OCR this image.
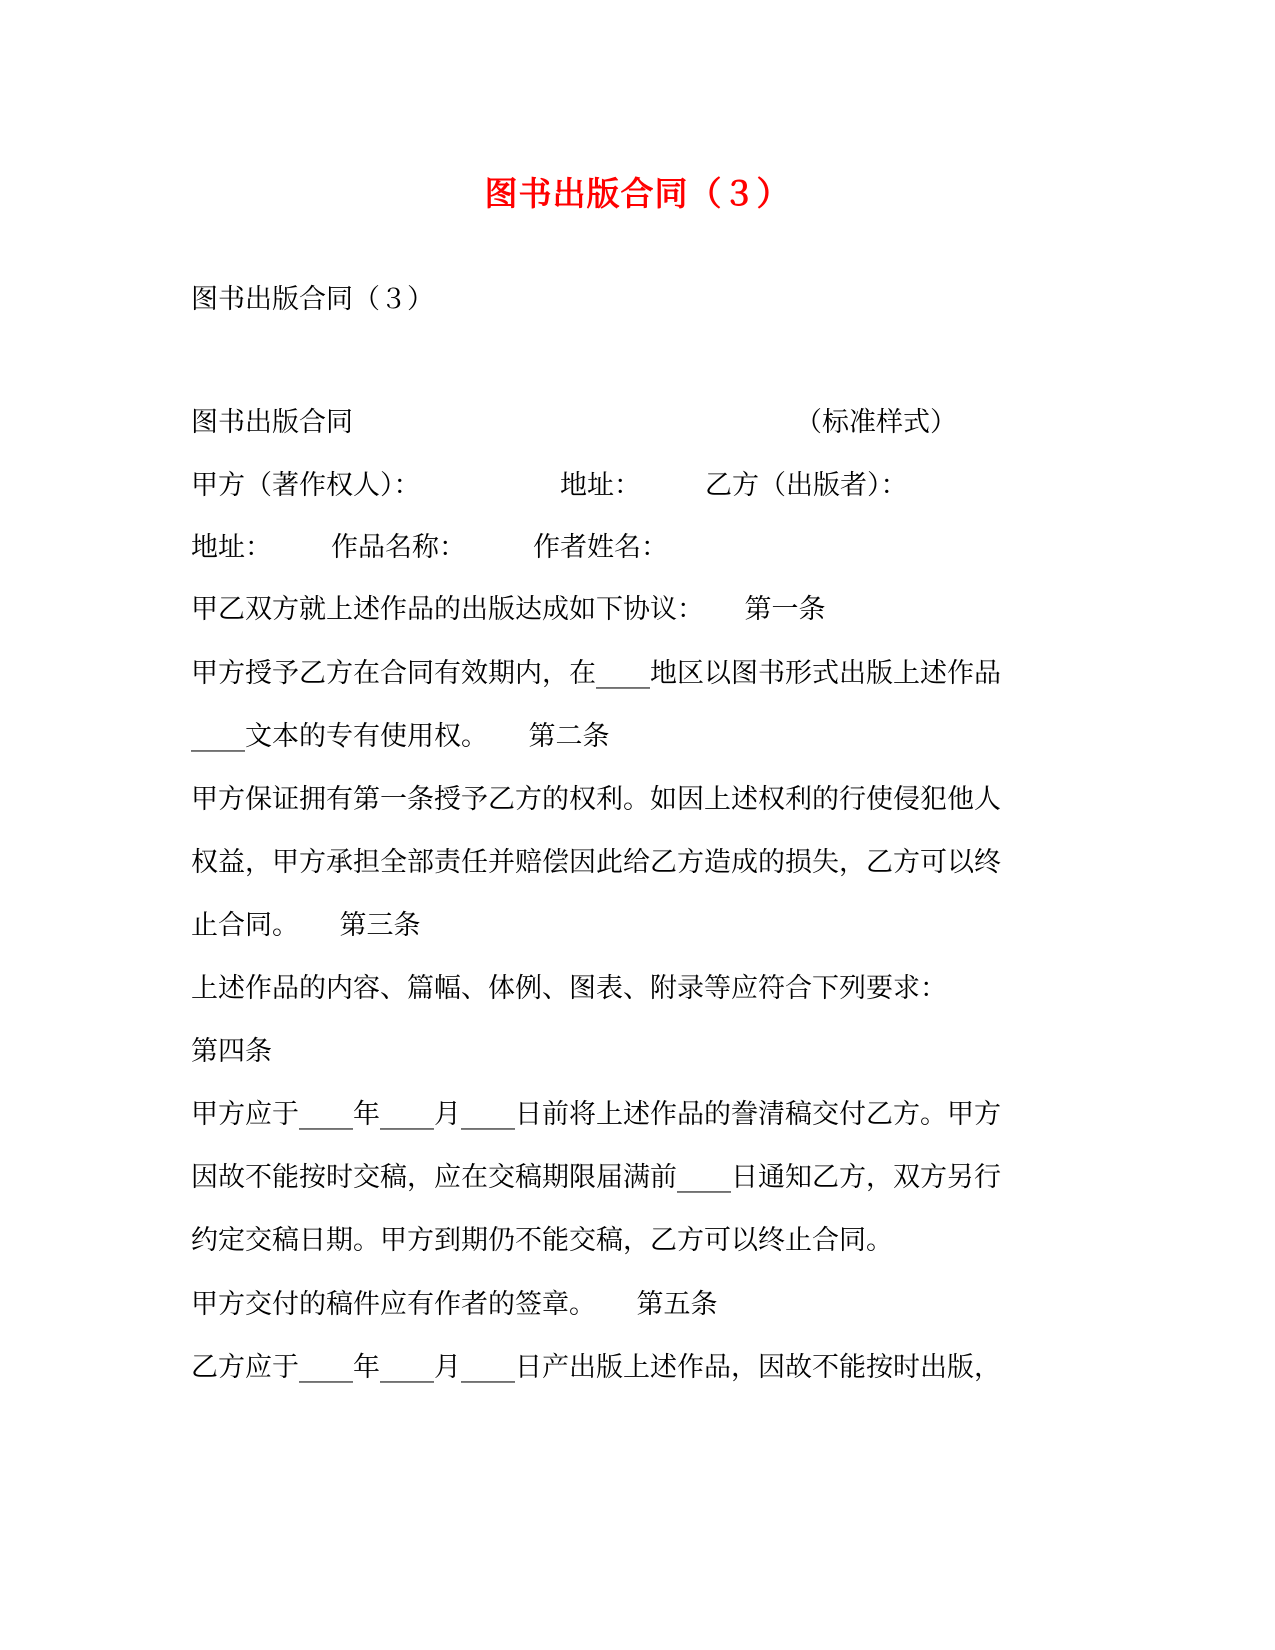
图书出版合同（３）
图书出版合同（３）
图书出版合同	（标准样式）
甲方（著作权人）：	地址： 乙方（出版者）：
地址： 作品名称： 作者姓名：
甲乙双方就上述作品的出版达成如下协议：　　第一条
甲方授予乙方在合同有效期内，在____地区以图书形式出版上述作品
____文本的专有使用权。　　第二条
甲方保证拥有第一条授予乙方的权利。如因上述权利的行使侵犯他人
权益，甲方承担全部责任并赔偿因此给乙方造成的损失，乙方可以终
止合同。　　第三条
上述作品的内容、篇幅、体例、图表、附录等应符合下列要求：
第四条
甲方应于____年____月____日前将上述作品的誊清稿交付乙方。甲方
因故不能按时交稿，应在交稿期限届满前____日通知乙方，双方另行
约定交稿日期。甲方到期仍不能交稿，乙方可以终止合同。
甲方交付的稿件应有作者的签章。　　第五条
乙方应于____年____月____日产出版上述作品，因故不能按时出版，
